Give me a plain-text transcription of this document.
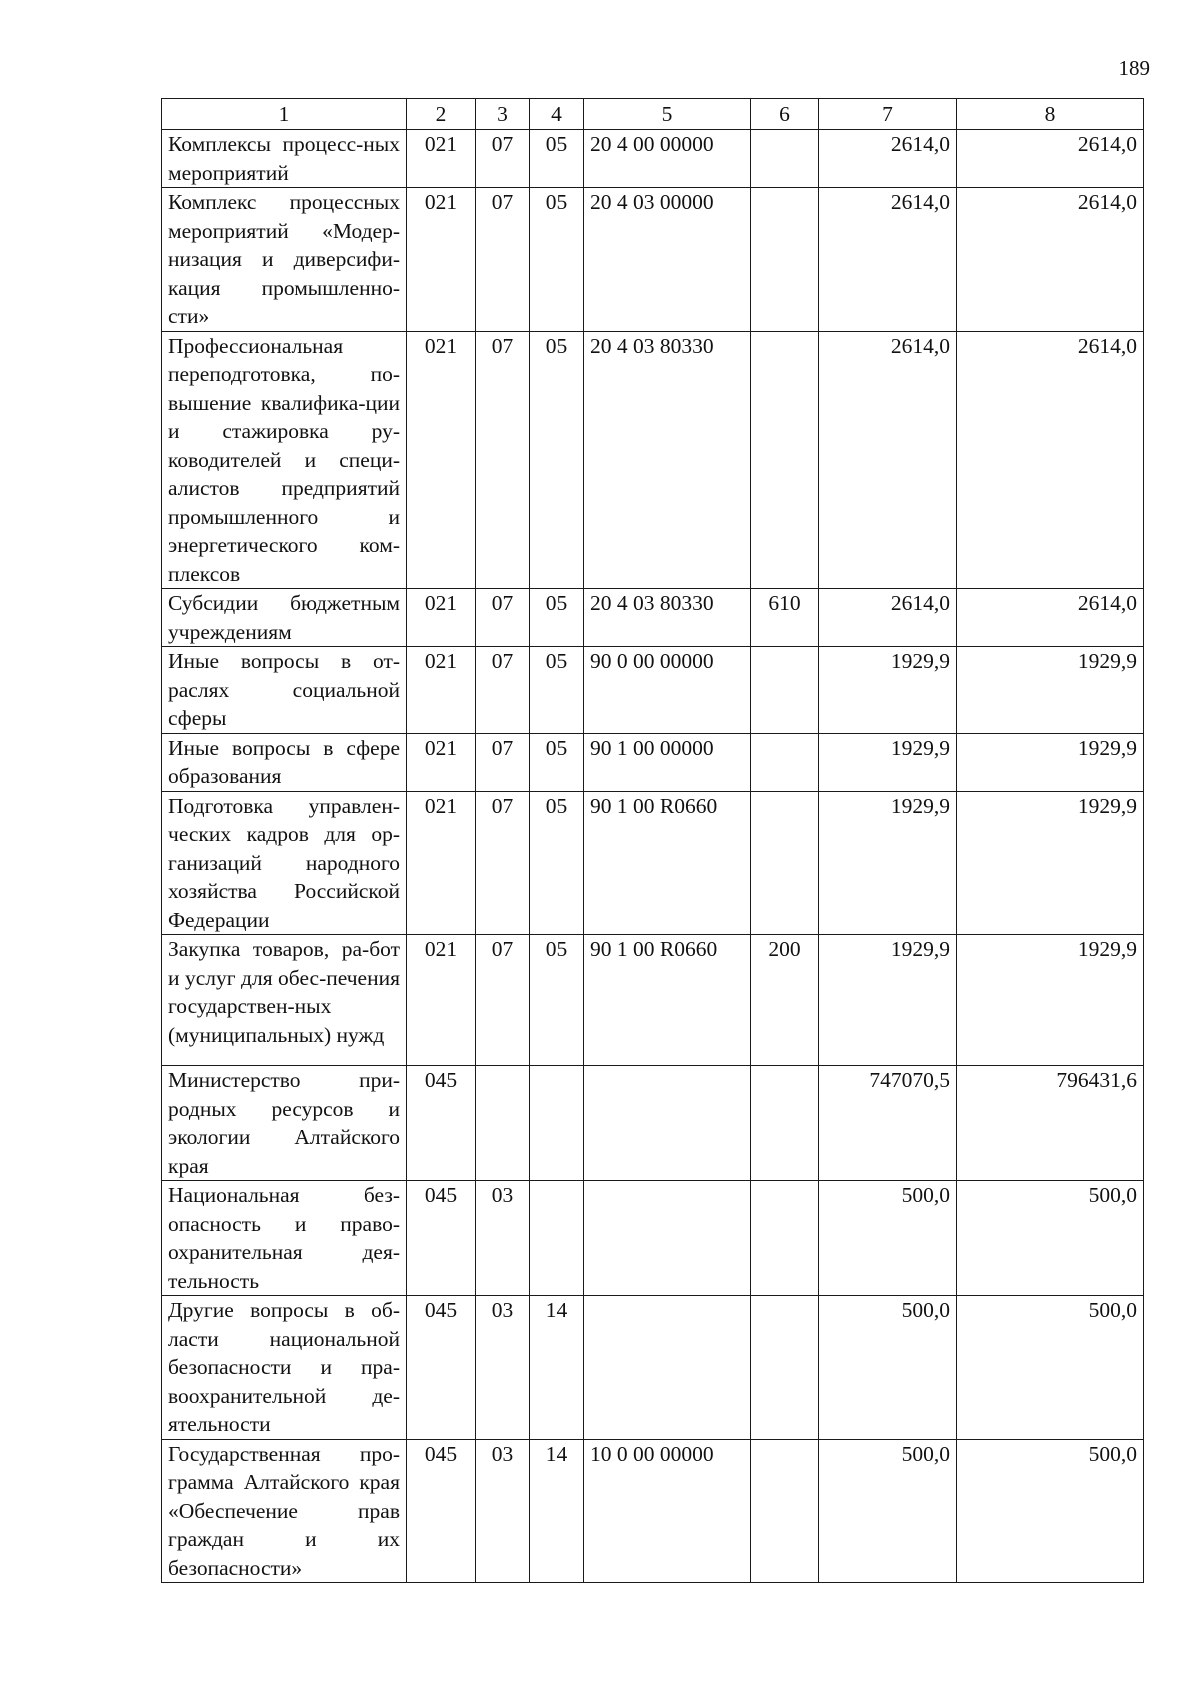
189
1	2	3	4	5	6	7	8
Комплексы процесс-ных мероприятий	021	07	05	20 4 00 00000		2614,0	2614,0
Комплекс процессных мероприятий «Модер-низация и диверсифи-кация промышленно-сти»	021	07	05	20 4 03 00000		2614,0	2614,0
Профессиональная переподготовка, по-вышение квалифика-ции и стажировка ру-ководителей и специ-алистов предприятий промышленного и энергетического ком-плексов	021	07	05	20 4 03 80330		2614,0	2614,0
Субсидии бюджетным учреждениям	021	07	05	20 4 03 80330	610	2614,0	2614,0
Иные вопросы в от-раслях социальной сферы	021	07	05	90 0 00 00000		1929,9	1929,9
Иные вопросы в сфере образования	021	07	05	90 1 00 00000		1929,9	1929,9
Подготовка управлен-ческих кадров для ор-ганизаций народного хозяйства Российской Федерации	021	07	05	90 1 00 R0660		1929,9	1929,9
Закупка товаров, ра-бот и услуг для обес-печения государствен-ных (муниципальных) нужд	021	07	05	90 1 00 R0660	200	1929,9	1929,9
Министерство при-родных ресурсов и экологии Алтайского края	045					747070,5	796431,6
Национальная без-опасность и право-охранительная дея-тельность	045	03				500,0	500,0
Другие вопросы в об-ласти национальной безопасности и пра-воохранительной де-ятельности	045	03	14			500,0	500,0
Государственная про-грамма Алтайского края «Обеспечение прав граждан и их безопасности»	045	03	14	10 0 00 00000		500,0	500,0
